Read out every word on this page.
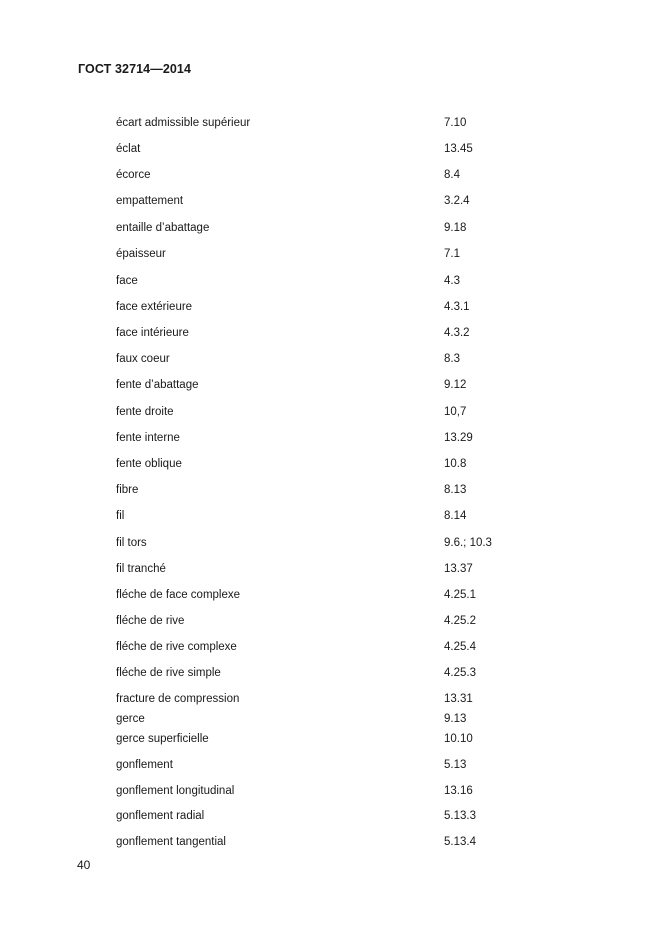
ГОСТ 32714—2014
écart admissible supérieur	7.10
éclat	13.45
écorce	8.4
empattement	3.2.4
entaille d’abattage	9.18
épaisseur	7.1
face	4.3
face extérieure	4.3.1
face intérieure	4.3.2
faux coeur	8.3
fente d’abattage	9.12
fente droite	10,7
fente interne	13.29
fente oblique	10.8
fibre	8.13
fil	8.14
fil tors	9.6.; 10.3
fil tranché	13.37
fléche de face complexe	4.25.1
fléche de rive	4.25.2
fléche de rive complexe	4.25.4
fléche de rive simple	4.25.3
fracture de compression	13.31
gerce	9.13
gerce superficielle	10.10
gonflement	5.13
gonflement longitudinal	13.16
gonflement radial	5.13.3
gonflement tangential	5.13.4
40
